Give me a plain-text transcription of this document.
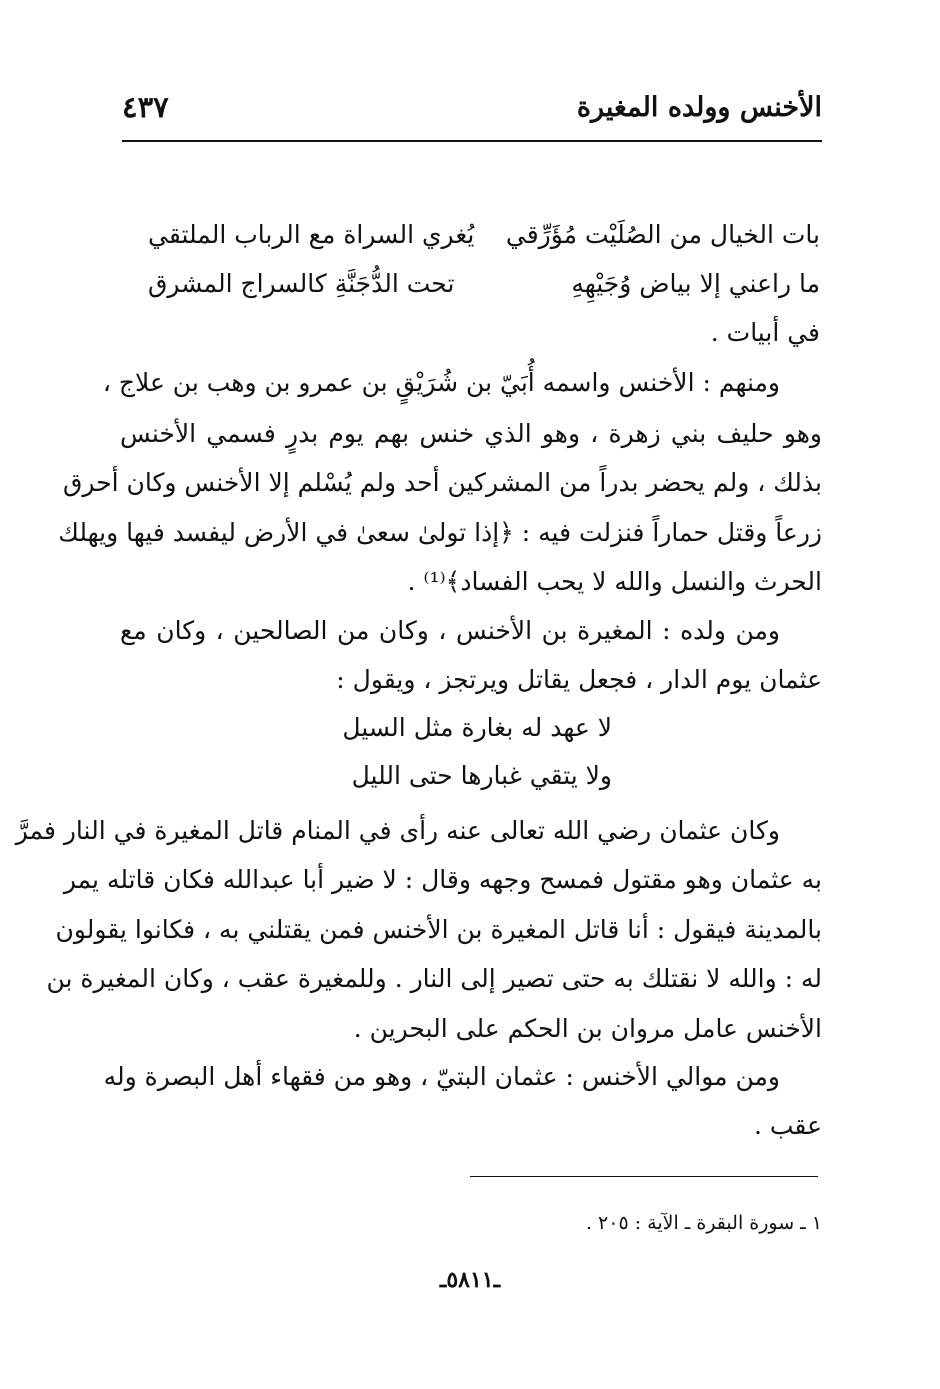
الأخنس وولده المغيرة
٤٣٧
بات الخيال من الصُلَيْت مُؤَرِّقي
يُغري السراة مع الرباب الملتقي
ما راعني إلا بياض وُجَيْهِهِ
تحت الدُّجَنَّةِ كالسراج المشرق
في أبيات .
ومنهم : الأخنس واسمه أُبَيّ بن شُرَيْقٍ بن عمرو بن وهب بن علاج ،
وهو حليف بني زهرة ، وهو الذي خنس بهم يوم بدرٍ فسمي الأخنس
بذلك ، ولم يحضر بدراً من المشركين أحد ولم يُسْلم إلا الأخنس وكان أحرق
زرعاً وقتل حماراً فنزلت فيه : ﴿إذا تولىٰ سعىٰ في الأرض ليفسد فيها ويهلك
الحرث والنسل والله لا يحب الفساد﴾⁽¹⁾ .
ومن ولده : المغيرة بن الأخنس ، وكان من الصالحين ، وكان مع
عثمان يوم الدار ، فجعل يقاتل ويرتجز ، ويقول :
لا عهد له بغارة مثل السيل
ولا يتقي غبارها حتى الليل
وكان عثمان رضي الله تعالى عنه رأى في المنام قاتل المغيرة في النار فمرَّ
به عثمان وهو مقتول فمسح وجهه وقال : لا ضير أبا عبدالله فكان قاتله يمر
بالمدينة فيقول : أنا قاتل المغيرة بن الأخنس فمن يقتلني به ، فكانوا يقولون
له : والله لا نقتلك به حتى تصير إلى النار . وللمغيرة عقب ، وكان المغيرة بن
الأخنس عامل مروان بن الحكم على البحرين .
ومن موالي الأخنس : عثمان البتيّ ، وهو من فقهاء أهل البصرة وله
عقب .
١ ـ سورة البقرة ـ الآية : ٢٠٥ .
ـ٥٨١١ـ
